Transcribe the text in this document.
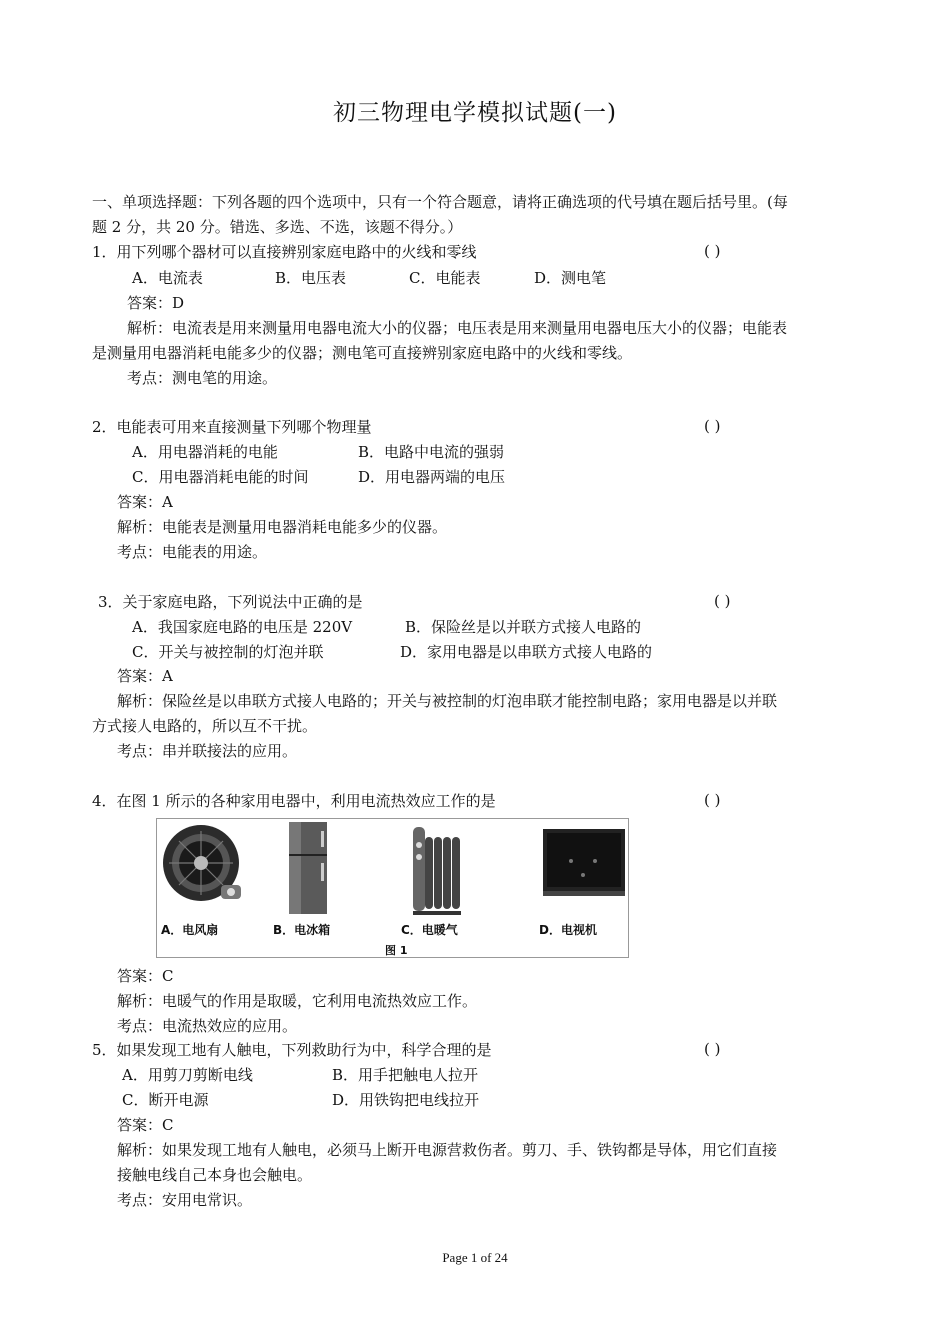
初三物理电学模拟试题(一)
一、单项选择题：下列各题的四个选项中，只有一个符合题意，请将正确选项的代号填在题后括号里。(每
题 2 分，共 20 分。错选、多选、不选，该题不得分。）
1．用下列哪个器材可以直接辨别家庭电路中的火线和零线	( )
A．电流表	B．电压表	C．电能表	D．测电笔
答案：D
解析：电流表是用来测量用电器电流大小的仪器；电压表是用来测量用电器电压大小的仪器；电能表
是测量用电器消耗电能多少的仪器；测电笔可直接辨别家庭电路中的火线和零线。
考点：测电笔的用途。
2．电能表可用来直接测量下列哪个物理量	( )
A．用电器消耗的电能	B．电路中电流的强弱
C．用电器消耗电能的时间	D．用电器两端的电压
答案：A
解析：电能表是测量用电器消耗电能多少的仪器。
考点：电能表的用途。
3．关于家庭电路，下列说法中正确的是	( )
A．我国家庭电路的电压是 220V	B．保险丝是以并联方式接人电路的
C．开关与被控制的灯泡并联	D．家用电器是以串联方式接人电路的
答案：A
解析：保险丝是以串联方式接人电路的；开关与被控制的灯泡串联才能控制电路；家用电器是以并联
方式接人电路的，所以互不干扰。
考点：串并联接法的应用。
4．在图 1 所示的各种家用电器中，利用电流热效应工作的是	( )
A．电风扇	B．电冰箱	C．电暖气	D．电视机
图 1
答案：C
解析：电暖气的作用是取暖，它利用电流热效应工作。
考点：电流热效应的应用。
5．如果发现工地有人触电，下列救助行为中，科学合理的是	( )
A．用剪刀剪断电线	B．用手把触电人拉开
C．断开电源	D．用铁钩把电线拉开
答案：C
解析：如果发现工地有人触电，必须马上断开电源营救伤者。剪刀、手、铁钩都是导体，用它们直接
接触电线自己本身也会触电。
考点：安用电常识。
Page 1 of 24
